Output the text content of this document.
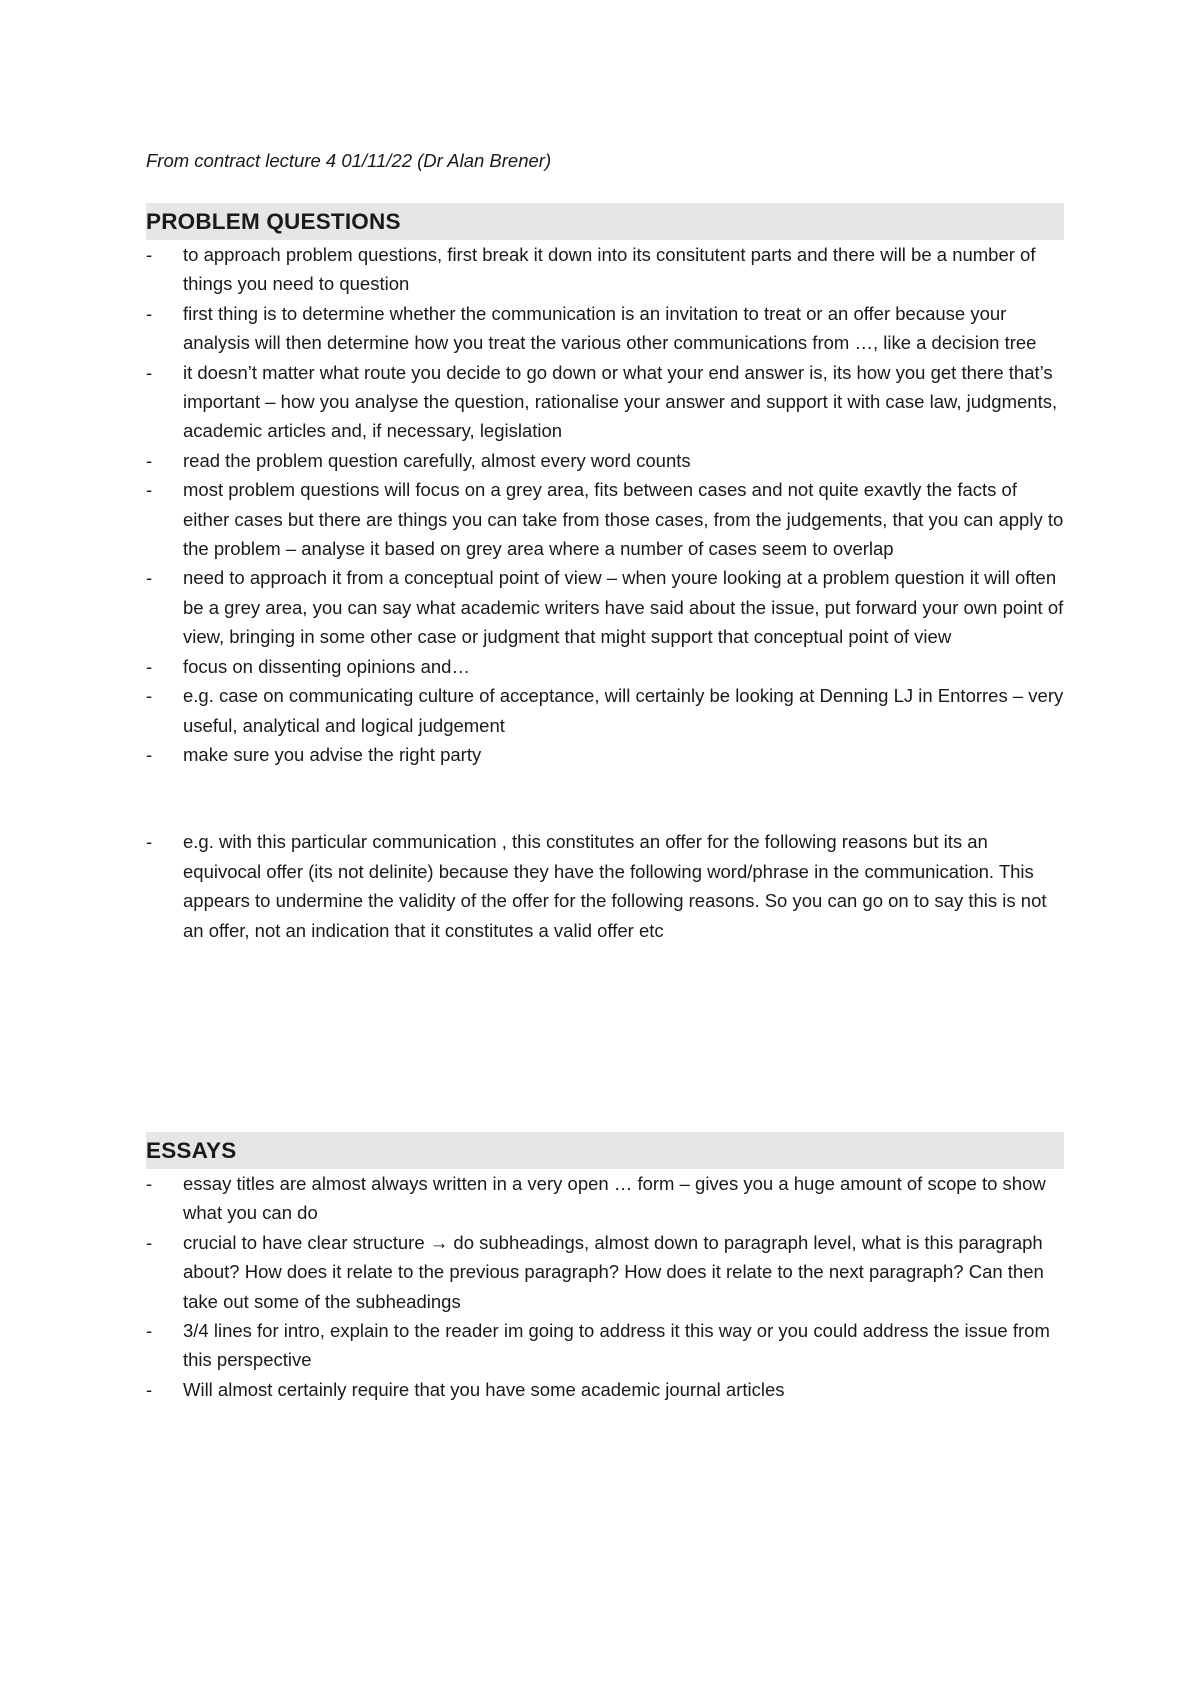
From contract lecture 4 01/11/22 (Dr Alan Brener)

PROBLEM QUESTIONS
- to approach problem questions, first break it down into its consitutent parts and there will be a number of things you need to question
- first thing is to determine whether the communication is an invitation to treat or an offer because your analysis will then determine how you treat the various other communications from …, like a decision tree
- it doesn’t matter what route you decide to go down or what your end answer is, its how you get there that’s important – how you analyse the question, rationalise your answer and support it with case law, judgments, academic articles and, if necessary, legislation
- read the problem question carefully, almost every word counts
- most problem questions will focus on a grey area, fits between cases and not quite exavtly the facts of either cases but there are things you can take from those cases, from the judgements, that you can apply to the problem – analyse it based on grey area where a number of cases seem to overlap
- need to approach it from a conceptual point of view – when youre looking at a problem question it will often be a grey area, you can say what academic writers have said about the issue, put forward your own point of view, bringing in some other case or judgment that might support that conceptual point of view
- focus on dissenting opinions and…
- e.g. case on communicating culture of acceptance, will certainly be looking at Denning LJ in Entorres – very useful, analytical and logical judgement
- make sure you advise the right party
- e.g. with this particular communication , this constitutes an offer for the following reasons but its an equivocal offer (its not delinite) because they have the following word/phrase in the communication. This appears to undermine the validity of the offer for the following reasons. So you can go on to say this is not an offer, not an indication that it constitutes a valid offer etc
ESSAYS
- essay titles are almost always written in a very open … form – gives you a huge amount of scope to show what you can do
- crucial to have clear structure → do subheadings, almost down to paragraph level, what is this paragraph about? How does it relate to the previous paragraph? How does it relate to the next paragraph? Can then take out some of the subheadings
- 3/4 lines for intro, explain to the reader im going to address it this way or you could address the issue from this perspective
- Will almost certainly require that you have some academic journal articles
